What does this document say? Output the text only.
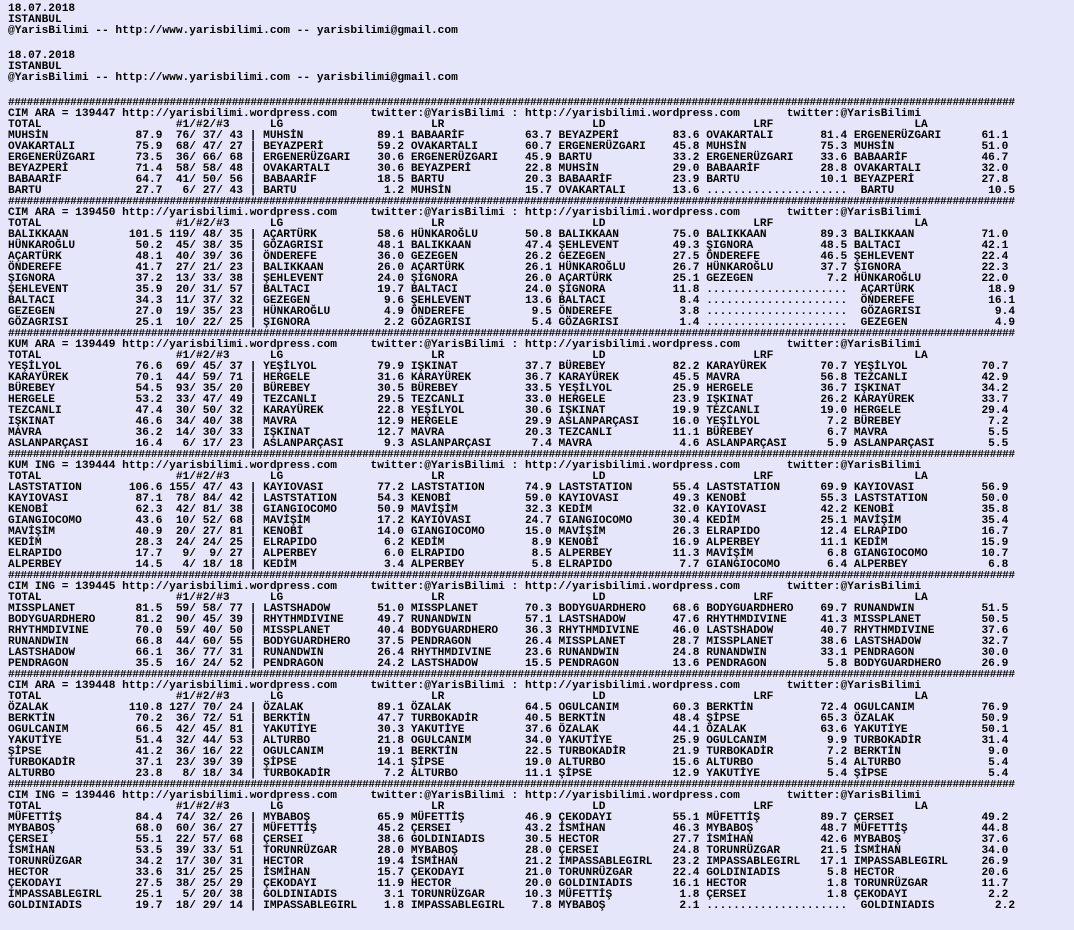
18.07.2018
ISTANBUL
@YarisBilimi -- http://www.yarisbilimi.com -- yarisbilimi@gmail.com
18.07.2018
ISTANBUL
@YarisBilimi -- http://www.yarisbilimi.com -- yarisbilimi@gmail.com
##################################################################################################################################################################
CIM ARA = 139447 http://yarisbilimi.wordpress.com     twitter:@YarisBilimi : http://yarisbilimi.wordpress.com       twitter:@YarisBilimi
TOTAL                    #1/#2/#3      LG                      LR                      LD                      LRF                     LA
MUHSİN             87.9  76/ 37/ 43 | MUHSİN           89.1 BABAARİF         63.7 BEYAZPERİ        83.6 OVAKARTALI       81.4 ERGENERÜZGARI      61.1
OVAKARTALI         75.9  68/ 47/ 27 | BEYAZPERİ        59.2 OVAKARTALI       60.7 ERGENERÜZGARI    45.8 MUHSİN           75.3 MUHSİN             51.0
ERGENERÜZGARI      73.5  36/ 66/ 68 | ERGENERÜZGARI    30.6 ERGENERÜZGARI    45.9 BARTU            33.2 ERGENERÜZGARI    33.6 BABAARİF           46.7
BEYAZPERİ          71.4  58/ 58/ 48 | OVAKARTALI       30.6 BEYAZPERİ        22.8 MUHSİN           29.0 BABAARİF         28.8 OVAKARTALI         32.0
BABAARİF           64.7  41/ 50/ 56 | BABAARİF         18.5 BARTU            20.3 BABAARİF         23.9 BARTU            10.1 BEYAZPERİ          27.8
BARTU              27.7   6/ 27/ 43 | BARTU             1.2 MUHSİN           15.7 OVAKARTALI       13.6 .....................  BARTU              10.5
##################################################################################################################################################################
CIM ARA = 139450 http://yarisbilimi.wordpress.com     twitter:@YarisBilimi : http://yarisbilimi.wordpress.com       twitter:@YarisBilimi
TOTAL                    #1/#2/#3      LG                      LR                      LD                      LRF                     LA
BALIKKAAN         101.5 119/ 48/ 35 | AÇARTÜRK         58.6 HÜNKAROĞLU       50.8 BALIKKAAN        75.0 BALIKKAAN        89.3 BALIKKAAN          71.0
HÜNKAROĞLU         50.2  45/ 38/ 35 | GÖZAGRISI        48.1 BALIKKAAN        47.4 ŞEHLEVENT        49.3 ŞIGNORA          48.5 BALTACI            42.1
AÇARTÜRK           48.1  40/ 39/ 36 | ÖNDEREFE         36.0 GEZEGEN          26.2 GEZEGEN          27.5 ÖNDEREFE         46.5 ŞEHLEVENT          22.4
ÖNDEREFE           41.7  27/ 21/ 23 | BALIKKAAN        26.0 AÇARTÜRK         26.1 HÜNKAROĞLU       26.7 HÜNKAROĞLU       37.7 ŞIGNORA            22.3
ŞIGNORA            37.2  13/ 33/ 38 | ŞEHLEVENT        24.0 ŞIGNORA          26.0 AÇARTÜRK         25.1 GEZEGEN           7.2 HÜNKAROĞLU         22.0
ŞEHLEVENT          35.9  20/ 31/ 57 | BALTACI          19.7 BALTACI          24.0 ŞIGNORA          11.8 .....................  AÇARTÜRK           18.9
BALTACI            34.3  11/ 37/ 32 | GEZEGEN           9.6 ŞEHLEVENT        13.6 BALTACI           8.4 .....................  ÖNDEREFE           16.1
GEZEGEN            27.0  19/ 35/ 23 | HÜNKAROĞLU        4.9 ÖNDEREFE          9.5 ÖNDEREFE          3.8 .....................  GÖZAGRISI           9.4
GÖZAGRISI          25.1  10/ 22/ 25 | ŞIGNORA           2.2 GÖZAGRISI         5.4 GÖZAGRISI         1.4 .....................  GEZEGEN             4.9
##################################################################################################################################################################
KUM ARA = 139449 http://yarisbilimi.wordpress.com     twitter:@YarisBilimi : http://yarisbilimi.wordpress.com       twitter:@YarisBilimi
TOTAL                    #1/#2/#3      LG                      LR                      LD                      LRF                     LA
YEŞİLYOL           76.6  69/ 45/ 37 | YEŞİLYOL         79.9 IŞKINAT          37.7 BÜREBEY          82.2 KARAYÜREK        70.7 YEŞİLYOL           70.7
KARAYÜREK          70.1  44/ 59/ 71 | HERGELE          31.6 KARAYÜREK        36.7 KARAYÜREK        45.5 MAVRA            56.8 TEZCANLI           42.9
BÜREBEY            54.5  93/ 35/ 20 | BÜREBEY          30.5 BÜREBEY          33.5 YEŞİLYOL         25.9 HERGELE          36.7 IŞKINAT            34.2
HERGELE            53.2  33/ 47/ 49 | TEZCANLI         29.5 TEZCANLI         33.0 HERGELE          23.9 IŞKINAT          26.2 KARAYÜREK          33.7
TEZCANLI           47.4  30/ 50/ 32 | KARAYÜREK        22.8 YEŞİLYOL         30.6 IŞKINAT          19.9 TEZCANLI         19.0 HERGELE            29.4
IŞKINAT            46.6  34/ 40/ 38 | MAVRA            12.9 HERGELE          29.9 ASLANPARÇASI     16.0 YEŞİLYOL          7.2 BÜREBEY             7.2
MAVRA              36.2  14/ 30/ 33 | IŞKINAT          12.7 MAVRA            20.3 TEZCANLI         11.1 BÜREBEY           6.7 MAVRA               5.5
ASLANPARÇASI       16.4   6/ 17/ 23 | ASLANPARÇASI      9.3 ASLANPARÇASI      7.4 MAVRA             4.6 ASLANPARÇASI      5.9 ASLANPARÇASI        5.5
##################################################################################################################################################################
KUM ING = 139444 http://yarisbilimi.wordpress.com     twitter:@YarisBilimi : http://yarisbilimi.wordpress.com       twitter:@YarisBilimi
TOTAL                    #1/#2/#3      LG                      LR                      LD                      LRF                     LA
LASTSTATION       106.6 155/ 47/ 43 | KAYIOVASI        77.2 LASTSTATION      74.9 LASTSTATION      55.4 LASTSTATION      69.9 KAYIOVASI          56.9
KAYIOVASI          87.1  78/ 84/ 42 | LASTSTATION      54.3 KENOBİ           59.0 KAYIOVASI        49.3 KENOBİ           55.3 LASTSTATION        50.0
KENOBİ             62.3  42/ 81/ 38 | GIANGIOCOMO      50.9 MAVİŞİM          32.3 KEDİM            32.0 KAYIOVASI        42.2 KENOBİ             35.8
GIANGIOCOMO        43.6  10/ 52/ 68 | MAVİŞİM          17.2 KAYIOVASI        24.7 GIANGIOCOMO      30.4 KEDİM            25.1 MAVİŞİM            35.4
MAVİŞİM            40.9  20/ 27/ 81 | KENOBİ           14.0 GIANGIOCOMO      15.0 MAVİŞİM          26.3 ELRAPIDO         12.4 ELRAPIDO           16.7
KEDİM              28.3  24/ 24/ 25 | ELRAPIDO          6.2 KEDİM             8.9 KENOBİ           16.9 ALPERBEY         11.1 KEDİM              15.9
ELRAPIDO           17.7   9/  9/ 27 | ALPERBEY          6.0 ELRAPIDO          8.5 ALPERBEY         11.3 MAVİŞİM           6.8 GIANGIOCOMO        10.7
ALPERBEY           14.5   4/ 18/ 18 | KEDİM             3.4 ALPERBEY          5.8 ELRAPIDO          7.7 GIANGIOCOMO       6.4 ALPERBEY            6.8
##################################################################################################################################################################
CIM ING = 139445 http://yarisbilimi.wordpress.com     twitter:@YarisBilimi : http://yarisbilimi.wordpress.com       twitter:@YarisBilimi
TOTAL                    #1/#2/#3      LG                      LR                      LD                      LRF                     LA
MISSPLANET         81.5  59/ 58/ 77 | LASTSHADOW       51.0 MISSPLANET       70.3 BODYGUARDHERO    68.6 BODYGUARDHERO    69.7 RUNANDWIN          51.5
BODYGUARDHERO      81.2  90/ 45/ 39 | RHYTHMDIVINE     49.7 RUNANDWIN        57.1 LASTSHADOW       47.6 RHYTHMDIVINE     41.3 MISSPLANET         50.5
RHYTHMDIVINE       70.0  59/ 40/ 50 | MISSPLANET       40.4 BODYGUARDHERO    36.3 RHYTHMDIVINE     46.0 LASTSHADOW       40.7 RHYTHMDIVINE       37.6
RUNANDWIN          66.8  44/ 60/ 55 | BODYGUARDHERO    37.5 PENDRAGON        26.4 MISSPLANET       28.7 MISSPLANET       38.6 LASTSHADOW         32.7
LASTSHADOW         66.1  36/ 77/ 31 | RUNANDWIN        26.4 RHYTHMDIVINE     23.6 RUNANDWIN        24.8 RUNANDWIN        33.1 PENDRAGON          30.0
PENDRAGON          35.5  16/ 24/ 52 | PENDRAGON        24.2 LASTSHADOW       15.5 PENDRAGON        13.6 PENDRAGON         5.8 BODYGUARDHERO      26.9
##################################################################################################################################################################
CIM ARA = 139448 http://yarisbilimi.wordpress.com     twitter:@YarisBilimi : http://yarisbilimi.wordpress.com       twitter:@YarisBilimi
TOTAL                    #1/#2/#3      LG                      LR                      LD                      LRF                     LA
ÖZALAK            110.8 127/ 70/ 24 | ÖZALAK           89.1 ÖZALAK           64.5 OGULCANIM        60.3 BERKTİN          72.4 OGULCANIM          76.9
BERKTİN            70.2  36/ 72/ 51 | BERKTİN          47.7 TURBOKADİR       40.5 BERKTİN          48.4 ŞİPSE            65.3 ÖZALAK             50.9
OGULCANIM          66.5  42/ 45/ 81 | YAKUTİYE         30.3 YAKUTİYE         37.6 ÖZALAK           44.1 ÖZALAK           63.6 YAKUTİYE           50.1
YAKUTİYE           51.4  32/ 44/ 53 | ALTURBO          21.8 OGULCANIM        34.0 YAKUTİYE         25.9 OGULCANIM         9.9 TURBOKADİR         31.4
ŞİPSE              41.2  36/ 16/ 22 | OGULCANIM        19.1 BERKTİN          22.5 TURBOKADİR       21.9 TURBOKADİR        7.2 BERKTİN             9.0
TURBOKADİR         37.1  23/ 39/ 39 | ŞİPSE            14.1 ŞİPSE            19.0 ALTURBO          15.6 ALTURBO           5.4 ALTURBO             5.4
ALTURBO            23.8   8/ 18/ 34 | TURBOKADİR        7.2 ALTURBO          11.1 ŞİPSE            12.9 YAKUTİYE          5.4 ŞİPSE               5.4
##################################################################################################################################################################
CIM ING = 139446 http://yarisbilimi.wordpress.com     twitter:@YarisBilimi : http://yarisbilimi.wordpress.com       twitter:@YarisBilimi
TOTAL                    #1/#2/#3      LG                      LR                      LD                      LRF                     LA
MÜFETTİŞ           84.4  74/ 32/ 26 | MYBABOŞ          65.9 MÜFETTİŞ         46.9 ÇEKODAYI         55.1 MÜFETTİŞ         89.7 ÇERSEI             49.2
MYBABOŞ            68.0  60/ 36/ 27 | MÜFETTİŞ         45.2 ÇERSEI           43.2 İSMİHAN          46.3 MYBABOŞ          48.7 MÜFETTİŞ           44.8
ÇERSEI             55.1  22/ 57/ 68 | ÇERSEI           38.6 GOLDINIADIS      30.5 HECTOR           27.7 İSMİHAN          42.6 MYBABOŞ            37.6
İSMİHAN            53.5  39/ 33/ 51 | TORUNRÜZGAR      28.0 MYBABOŞ          28.0 ÇERSEI           24.8 TORUNRÜZGAR      21.5 İSMİHAN            34.0
TORUNRÜZGAR        34.2  17/ 30/ 31 | HECTOR           19.4 İSMİHAN          21.2 IMPASSABLEGIRL   23.2 IMPASSABLEGIRL   17.1 IMPASSABLEGIRL     26.9
HECTOR             33.6  31/ 25/ 25 | İSMİHAN          15.7 ÇEKODAYI         21.0 TORUNRÜZGAR      22.4 GOLDINIADIS       5.8 HECTOR             20.6
ÇEKODAYI           27.5  38/ 25/ 29 | ÇEKODAYI         11.9 HECTOR           20.0 GOLDINIADIS      16.1 HECTOR            1.8 TORUNRÜZGAR        11.7
IMPASSABLEGIRL     25.1   5/ 20/ 38 | GOLDINIADIS       3.1 TORUNRÜZGAR      10.3 MÜFETTİŞ          1.8 ÇERSEI            1.8 ÇEKODAYI            2.2
GOLDINIADIS        19.7  18/ 29/ 14 | IMPASSABLEGIRL    1.8 IMPASSABLEGIRL    7.8 MYBABOŞ           2.1 .....................  GOLDINIADIS         2.2
